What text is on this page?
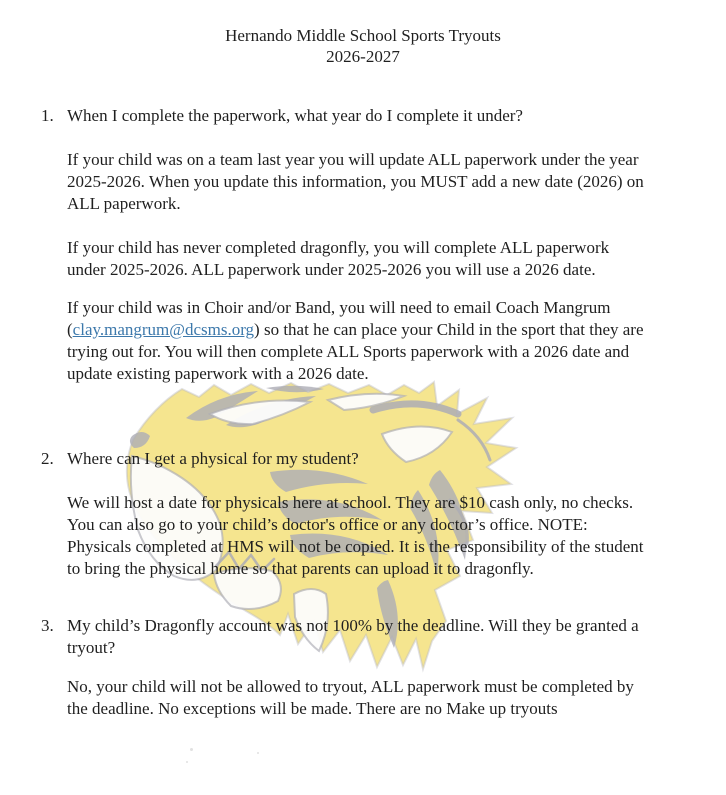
Hernando Middle School Sports Tryouts
2026-2027
1. When I complete the paperwork, what year do I complete it under?
If your child was on a team last year you will update ALL paperwork under the year
2025-2026. When you update this information, you MUST add a new date (2026) on
ALL paperwork.
If your child has never completed dragonfly, you will complete ALL paperwork
under 2025-2026. ALL paperwork under 2025-2026 you will use a 2026 date.
If your child was in Choir and/or Band, you will need to email Coach Mangrum
(clay.mangrum@dcsms.org) so that he can place your Child in the sport that they are
trying out for. You will then complete ALL Sports paperwork with a 2026 date and
update existing paperwork with a 2026 date.
2. Where can I get a physical for my student?
We will host a date for physicals here at school. They are $10 cash only, no checks.
You can also go to your child’s doctor's office or any doctor’s office. NOTE:
Physicals completed at HMS will not be copied. It is the responsibility of the student
to bring the physical home so that parents can upload it to dragonfly.
3. My child’s Dragonfly account was not 100% by the deadline. Will they be granted a
tryout?
No, your child will not be allowed to tryout, ALL paperwork must be completed by
the deadline. No exceptions will be made. There are no Make up tryouts
